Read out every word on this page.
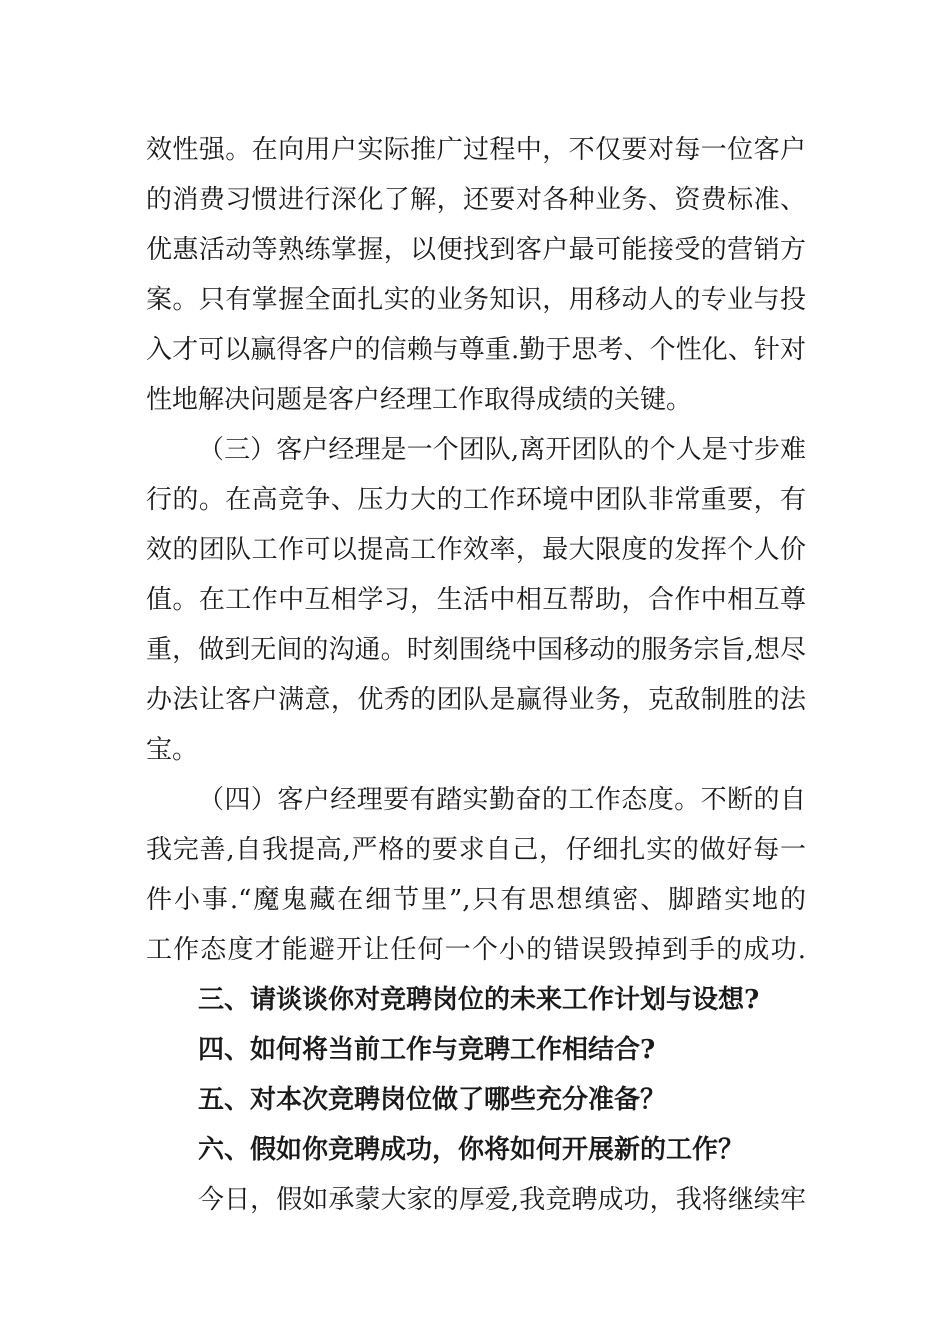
效性强。在向用户实际推广过程中，不仅要对每一位客户
的消费习惯进行深化了解，还要对各种业务、资费标准、
优惠活动等熟练掌握，以便找到客户最可能接受的营销方
案。只有掌握全面扎实的业务知识，用移动人的专业与投
入才可以赢得客户的信赖与尊重.勤于思考、个性化、针对
性地解决问题是客户经理工作取得成绩的关键。
（三）客户经理是一个团队,离开团队的个人是寸步难
行的。在高竞争、压力大的工作环境中团队非常重要，有
效的团队工作可以提高工作效率，最大限度的发挥个人价
值。在工作中互相学习，生活中相互帮助，合作中相互尊
重，做到无间的沟通。时刻围绕中国移动的服务宗旨,想尽
办法让客户满意，优秀的团队是赢得业务，克敌制胜的法
宝。
（四）客户经理要有踏实勤奋的工作态度。不断的自
我完善,自我提高,严格的要求自己，仔细扎实的做好每一
件小事.“魔鬼藏在细节里”,只有思想缜密、脚踏实地的
工作态度才能避开让任何一个小的错误毁掉到手的成功.
三、请谈谈你对竞聘岗位的未来工作计划与设想?
四、如何将当前工作与竞聘工作相结合?
五、对本次竞聘岗位做了哪些充分准备？
六、假如你竞聘成功，你将如何开展新的工作？
今日，假如承蒙大家的厚爱,我竞聘成功，我将继续牢
